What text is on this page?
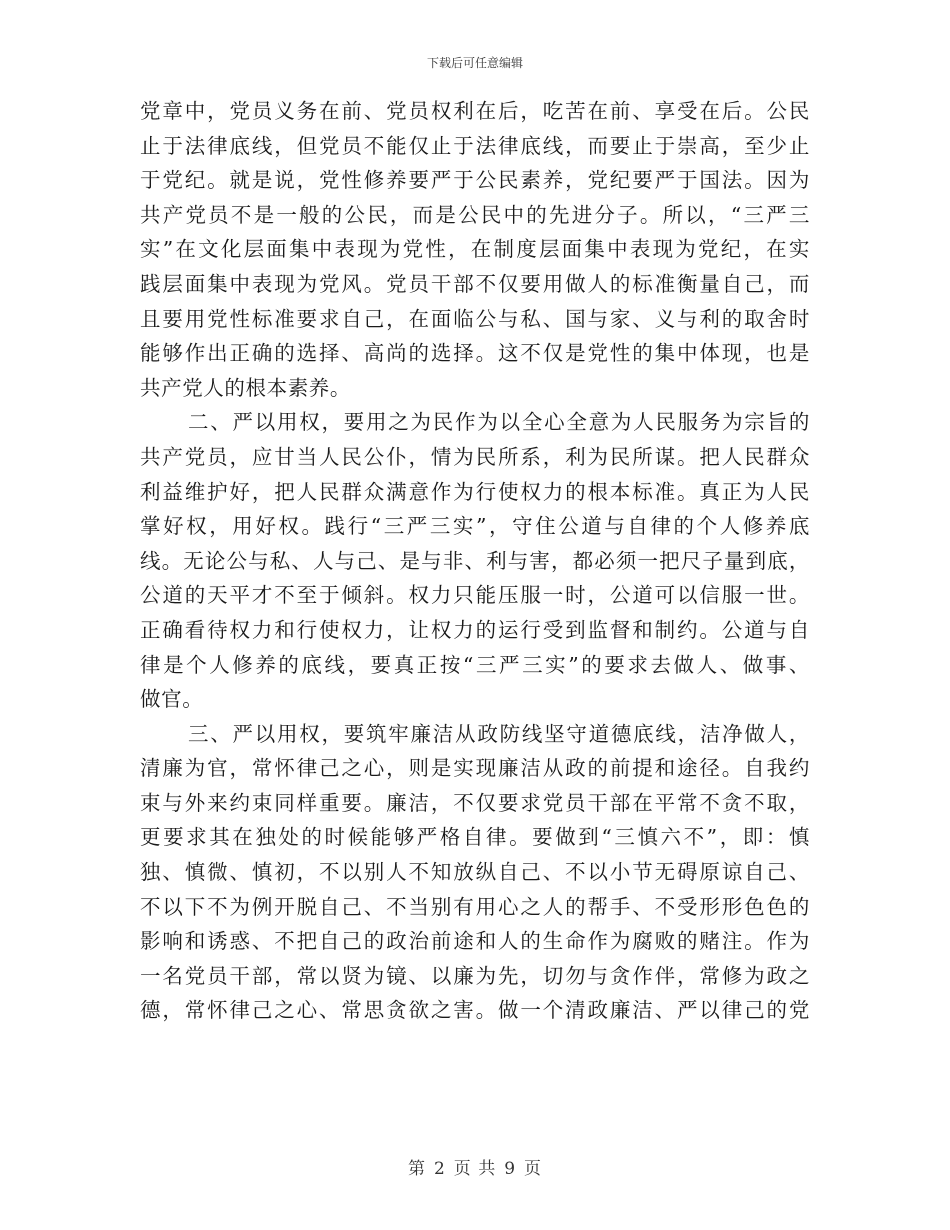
下载后可任意编辑
党章中，党员义务在前、党员权利在后，吃苦在前、享受在后。公民
止于法律底线，但党员不能仅止于法律底线，而要止于崇高，至少止
于党纪。就是说，党性修养要严于公民素养，党纪要严于国法。因为
共产党员不是一般的公民，而是公民中的先进分子。所以，“三严三
实”在文化层面集中表现为党性，在制度层面集中表现为党纪，在实
践层面集中表现为党风。党员干部不仅要用做人的标准衡量自己，而
且要用党性标准要求自己，在面临公与私、国与家、义与利的取舍时
能够作出正确的选择、高尚的选择。这不仅是党性的集中体现，也是
共产党人的根本素养。
二、严以用权，要用之为民作为以全心全意为人民服务为宗旨的
共产党员，应甘当人民公仆，情为民所系，利为民所谋。把人民群众
利益维护好，把人民群众满意作为行使权力的根本标准。真正为人民
掌好权，用好权。践行“三严三实”，守住公道与自律的个人修养底
线。无论公与私、人与己、是与非、利与害，都必须一把尺子量到底，
公道的天平才不至于倾斜。权力只能压服一时，公道可以信服一世。
正确看待权力和行使权力，让权力的运行受到监督和制约。公道与自
律是个人修养的底线，要真正按“三严三实”的要求去做人、做事、
做官。
三、严以用权，要筑牢廉洁从政防线坚守道德底线，洁净做人，
清廉为官，常怀律己之心，则是实现廉洁从政的前提和途径。自我约
束与外来约束同样重要。廉洁，不仅要求党员干部在平常不贪不取，
更要求其在独处的时候能够严格自律。要做到“三慎六不”，即：慎
独、慎微、慎初，不以别人不知放纵自己、不以小节无碍原谅自己、
不以下不为例开脱自己、不当别有用心之人的帮手、不受形形色色的
影响和诱惑、不把自己的政治前途和人的生命作为腐败的赌注。作为
一名党员干部，常以贤为镜、以廉为先，切勿与贪作伴，常修为政之
德，常怀律己之心、常思贪欲之害。做一个清政廉洁、严以律己的党
第 2 页 共 9 页
